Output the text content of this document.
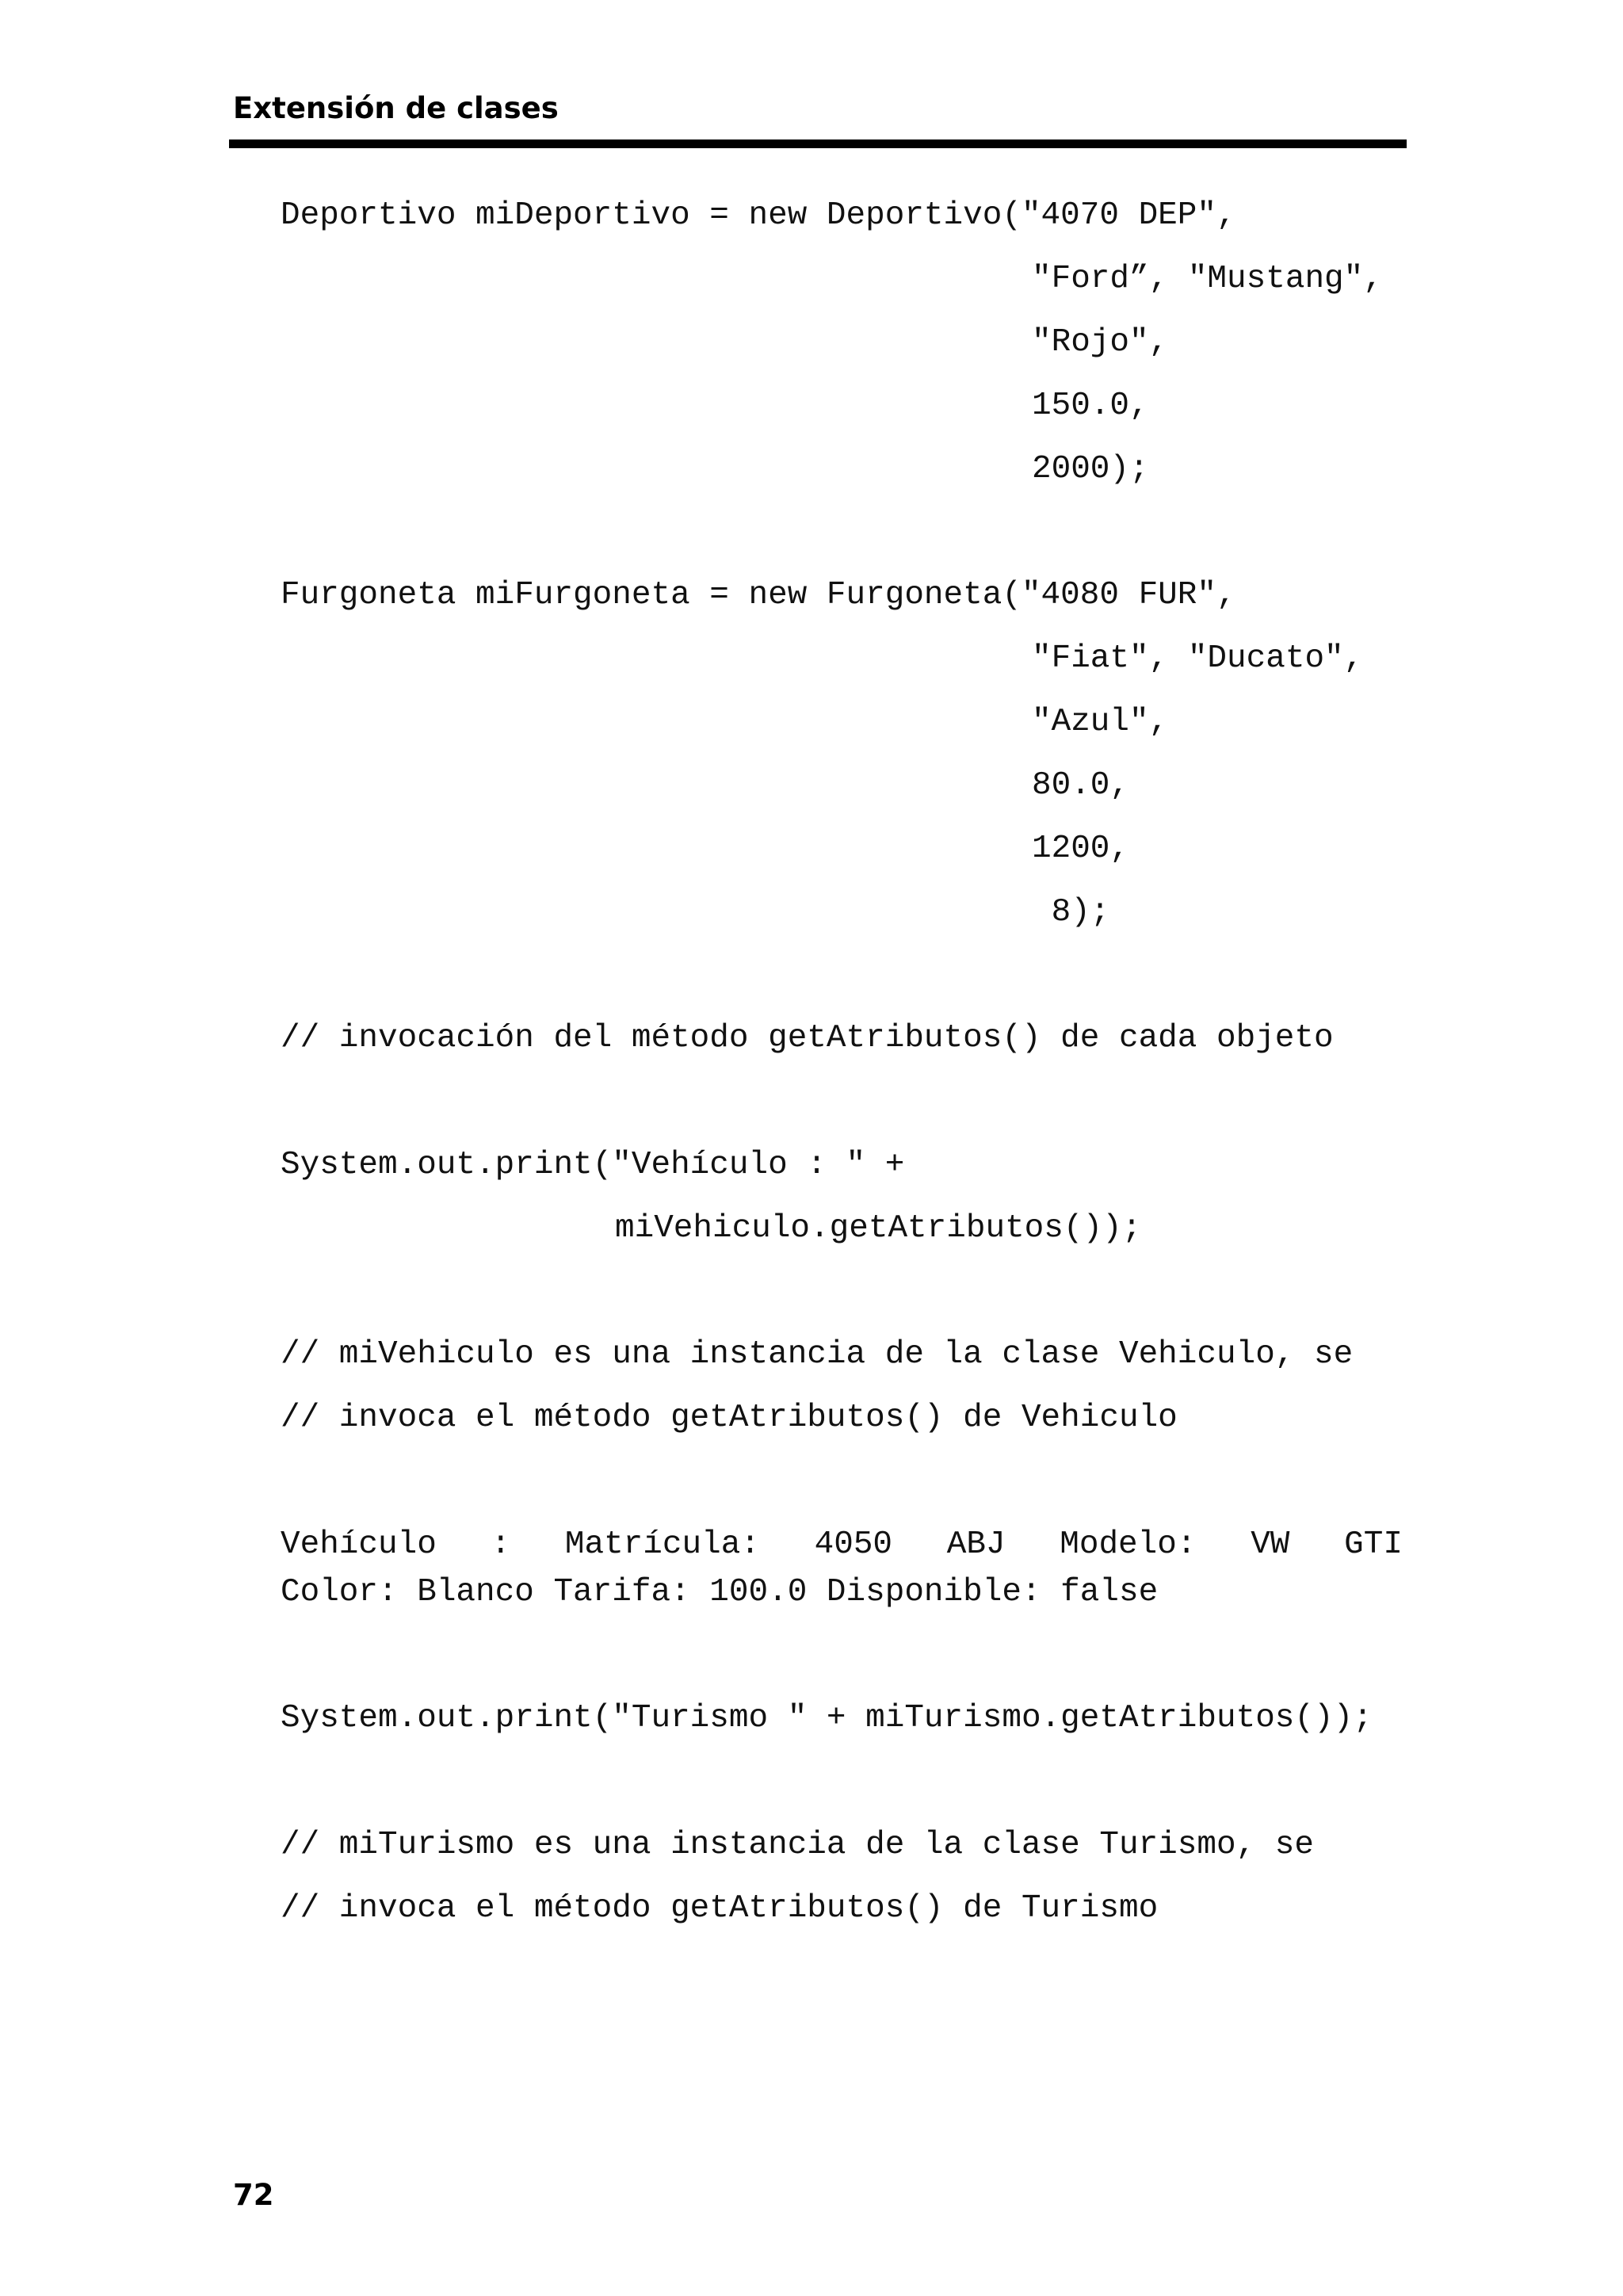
Extensión de clases
Deportivo miDeportivo = new Deportivo("4070 DEP",
"Ford”, "Mustang",
"Rojo",
150.0,
2000);
Furgoneta miFurgoneta = new Furgoneta("4080 FUR",
"Fiat", "Ducato",
"Azul",
80.0,
1200,
8);
// invocación del método getAtributos() de cada objeto
System.out.print("Vehículo : " +
miVehiculo.getAtributos());
// miVehiculo es una instancia de la clase Vehiculo, se
// invoca el método getAtributos() de Vehiculo
Vehículo : Matrícula: 4050 ABJ Modelo: VW GTI
Color: Blanco Tarifa: 100.0 Disponible: false
System.out.print("Turismo " + miTurismo.getAtributos());
// miTurismo es una instancia de la clase Turismo, se
// invoca el método getAtributos() de Turismo

72
